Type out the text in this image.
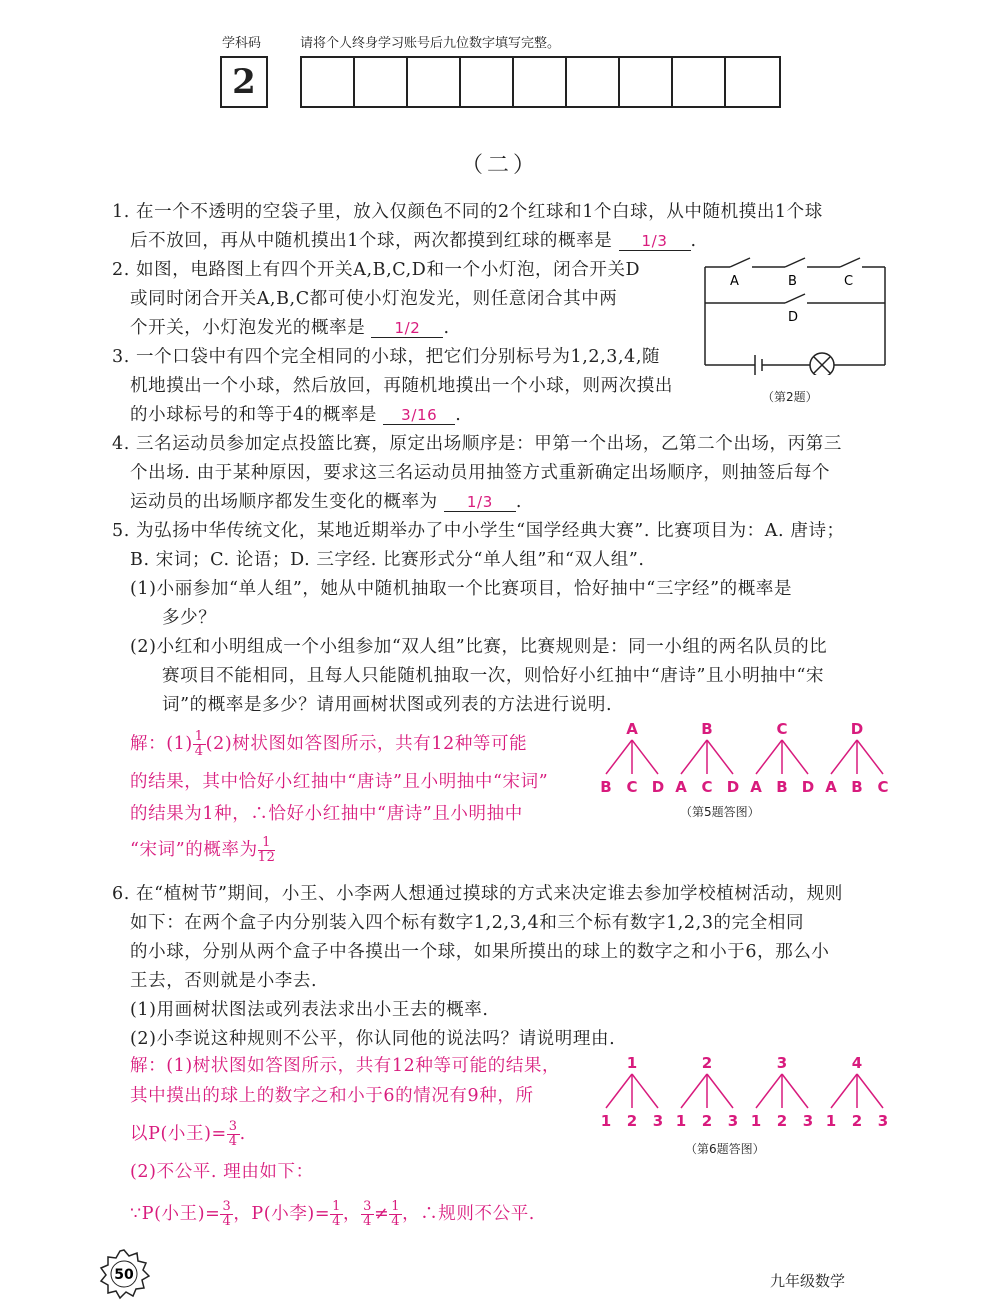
学科码	请将个人终身学习账号后九位数字填写完整。
2
（二）
1. 在一个不透明的空袋子里，放入仅颜色不同的2个红球和1个白球，从中随机摸出1个球
后不放回，再从中随机摸出1个球，两次都摸到红球的概率是 1/3 .
2. 如图，电路图上有四个开关A,B,C,D和一个小灯泡，闭合开关D
或同时闭合开关A,B,C都可使小灯泡发光，则任意闭合其中两
个开关，小灯泡发光的概率是 1/2 .
A	B	C
D
（第2题）
3. 一个口袋中有四个完全相同的小球，把它们分别标号为1,2,3,4,随
机地摸出一个小球，然后放回，再随机地摸出一个小球，则两次摸出
的小球标号的和等于4的概率是 3/16 .
4. 三名运动员参加定点投篮比赛，原定出场顺序是：甲第一个出场，乙第二个出场，丙第三
个出场. 由于某种原因，要求这三名运动员用抽签方式重新确定出场顺序，则抽签后每个
运动员的出场顺序都发生变化的概率为 1/3 .
5. 为弘扬中华传统文化，某地近期举办了中小学生“国学经典大赛”. 比赛项目为：A. 唐诗；
B. 宋词；C. 论语；D. 三字经. 比赛形式分“单人组”和“双人组”.
(1)小丽参加“单人组”，她从中随机抽取一个比赛项目，恰好抽中“三字经”的概率是
多少？
(2)小红和小明组成一个小组参加“双人组”比赛，比赛规则是：同一小组的两名队员的比
赛项目不能相同，且每人只能随机抽取一次，则恰好小红抽中“唐诗”且小明抽中“宋
词”的概率是多少？请用画树状图或列表的方法进行说明.
解：$(1) \frac{1}{4} (2)$树状图如答图所示，共有12种等可能
的结果，其中恰好小红抽中“唐诗”且小明抽中“宋词”
的结果为1种，∴恰好小红抽中“唐诗”且小明抽中
“宋词”的概率为 $\frac{1}{12}$
A
B C D
B
A C D
C
A B D
D
A B C
（第5题答图）
6. 在“植树节”期间，小王、小李两人想通过摸球的方式来决定谁去参加学校植树活动，规则
如下：在两个盒子内分别装入四个标有数字1,2,3,4和三个标有数字1,2,3的完全相同
的小球，分别从两个盒子中各摸出一个球，如果所摸出的球上的数字之和小于6，那么小
王去，否则就是小李去.
(1)用画树状图法或列表法求出小王去的概率.
(2)小李说这种规则不公平，你认同他的说法吗？请说明理由.
解：(1)树状图如答图所示，共有12种等可能的结果，
其中摸出的球上的数字之和小于6的情况有9种，所
以P(小王)= $\frac{3}{4}$ .
(2)不公平. 理由如下：
∵P(小王)= $\frac{3}{4}$ ，P(小李)= $\frac{1}{4}$ ， $\frac{3}{4} \ne \frac{1}{4}$ ，∴规则不公平.
1
1 2 3
2
1 2 3
3
1 2 3
4
1 2 3
（第6题答图）
50	九年级数学
